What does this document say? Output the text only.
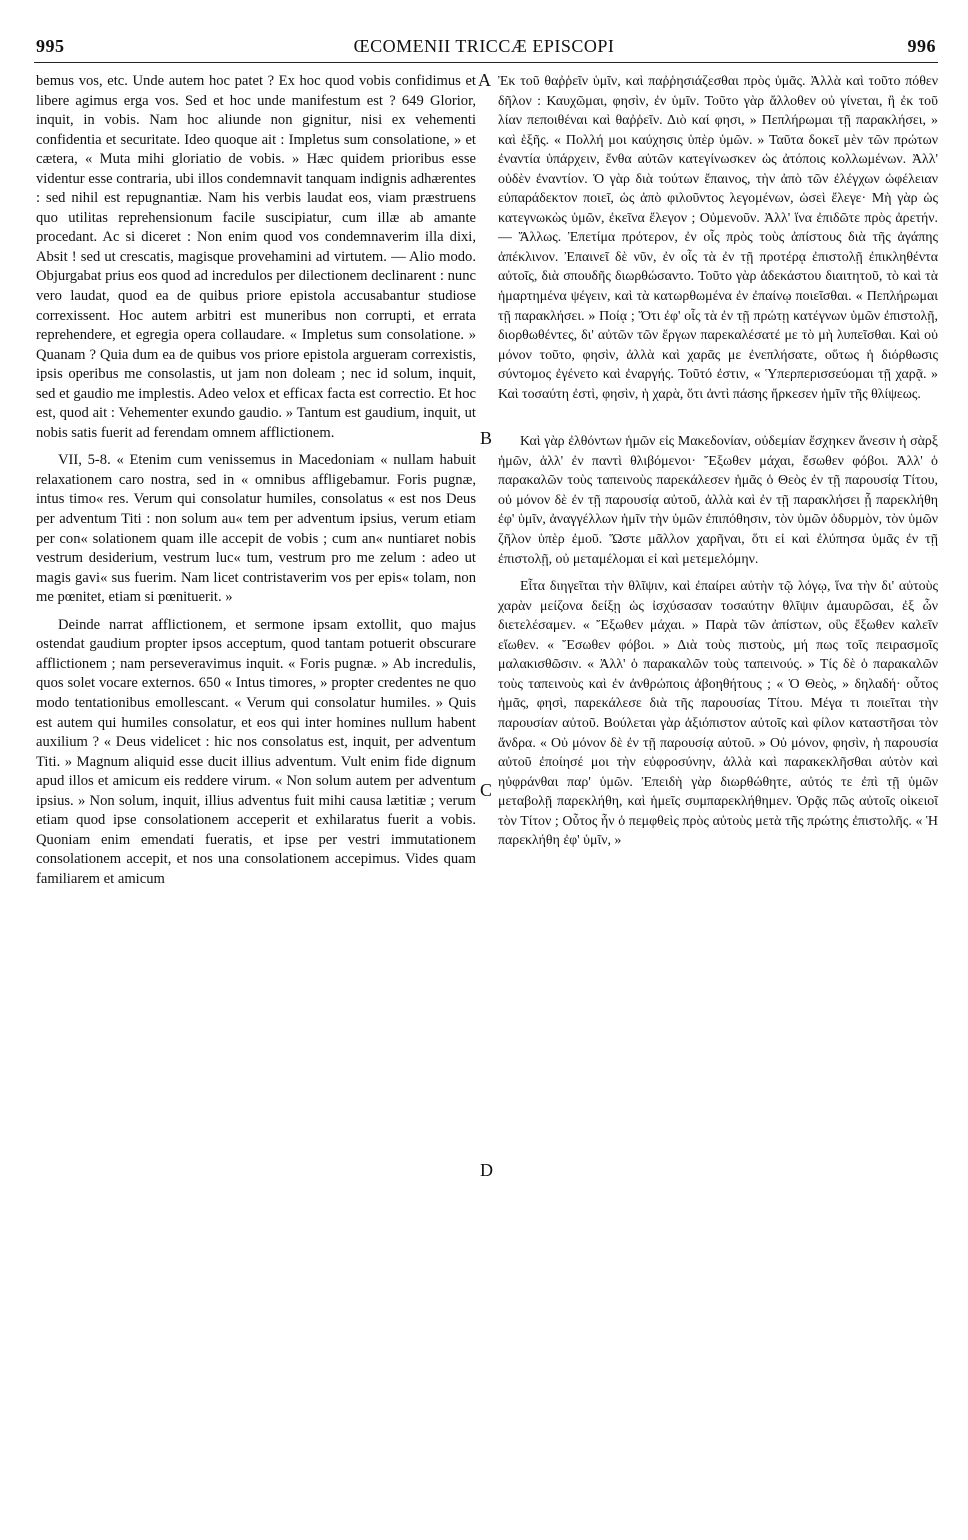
995	ŒCOMENII TRICCÆ EPISCOPI	996

bemus vos, etc. Unde autem hoc patet ? Ex hoc quod vobis confidimus et libere agimus erga vos. Sed et hoc unde manifestum est ? 649 Glorior, inquit, in vobis. Nam hoc aliunde non gignitur, nisi ex vehementi confidentia et securitate. Ideo quoque ait : Impletus sum consolatione, » et cætera, « Muta mihi gloriatio de vobis. » Hæc quidem prioribus esse videntur esse contraria, ubi illos condemnavit tanquam indignis adhærentes : sed nihil est repugnantiæ. Nam his verbis laudat eos, viam præstruens quo utilitas reprehensionum facile suscipiatur, cum illæ ab amante procedant. Ac si diceret : Non enim quod vos condemnaverim illa dixi, Absit ! sed ut crescatis, magisque provehamini ad virtutem. — Alio modo. Objurgabat prius eos quod ad incredulos per dilectionem declinarent : nunc vero laudat, quod ea de quibus priore epistola accusabantur studiose correxissent. Hoc autem arbitri est muneribus non corrupti, et errata reprehendere, et egregia opera collaudare. « Impletus sum consolatione. » Quanam ? Quia dum ea de quibus vos priore epistola argueram correxistis, ipsis operibus me consolastis, ut jam non doleam ; nec id solum, inquit, sed et gaudio me implestis. Adeo velox et efficax facta est correctio. Et hoc est, quod ait : Vehementer exundo gaudio. » Tantum est gaudium, inquit, ut nobis satis fuerit ad ferendam omnem afflictionem.

VII, 5-8. « Etenim cum venissemus in Macedoniam « nullam habuit relaxationem caro nostra, sed in « omnibus affligebamur. Foris pugnæ, intus timo« res. Verum qui consolatur humiles, consolatus « est nos Deus per adventum Titi : non solum au« tem per adventum ipsius, verum etiam per con« solationem quam ille accepit de vobis ; cum an« nuntiaret nobis vestrum desiderium, vestrum luc« tum, vestrum pro me zelum : adeo ut magis gavi« sus fuerim. Nam licet contristaverim vos per epis« tolam, non me pœnitet, etiam si pœnituerit. »

Deinde narrat afflictionem, et sermone ipsam extollit, quo majus ostendat gaudium propter ipsos acceptum, quod tantam potuerit obscurare afflictionem ; nam perseveravimus inquit. « Foris pugnæ. » Ab incredulis, quos solet vocare externos. 650 « Intus timores, » propter credentes ne quo modo tentationibus emollescant. « Verum qui consolatur humiles. » Quis est autem qui humiles consolatur, et eos qui inter homines nullum habent auxilium ? « Deus videlicet : hic nos consolatus est, inquit, per adventum Titi. » Magnum aliquid esse ducit illius adventum. Vult enim fide dignum apud illos et amicum eis reddere virum. « Non solum autem per adventum ipsius. » Non solum, inquit, illius adventus fuit mihi causa lætitiæ ; verum etiam quod ipse consolationem acceperit et exhilaratus fuerit a vobis. Quoniam enim emendati fueratis, et ipse per vestri immutationem consolationem accepit, et nos una consolationem accepimus. Vides quam familiarem et amicum

Ἐκ τοῦ θαῤῥεῖν ὑμῖν, καὶ παῤῥησιάζεσθαι πρὸς ὑμᾶς. Ἀλλὰ καὶ τοῦτο πόθεν δῆλον : Καυχῶμαι, φησὶν, ἐν ὑμῖν. Τοῦτο γὰρ ἄλλοθεν οὐ γίνεται, ἢ ἐκ τοῦ λίαν πεποιθέναι καὶ θαῤῥεῖν. Διὸ καί φησι, » Πεπλήρωμαι τῇ παρακλήσει, » καὶ ἑξῆς. « Πολλή μοι καύχησις ὑπὲρ ὑμῶν. » Ταῦτα δοκεῖ μὲν τῶν πρώτων ἐναντία ὑπάρχειν, ἔνθα αὐτῶν κατεγίνωσκεν ὡς ἀτόποις κολλωμένων. Ἀλλ' οὐδὲν ἐναντίον. Ὁ γὰρ διὰ τούτων ἔπαινος, τὴν ἀπὸ τῶν ἐλέγχων ὠφέλειαν εὐπαράδεκτον ποιεῖ, ὡς ἀπὸ φιλοῦντος λεγομένων, ὡσεὶ ἔλεγε· Μὴ γὰρ ὡς κατεγνωκὼς ὑμῶν, ἐκεῖνα ἔλεγον ; Οὐμενοῦν. Ἀλλ' ἵνα ἐπιδῶτε πρὸς ἀρετήν. — Ἄλλως. Ἐπετίμα πρότερον, ἐν οἷς πρὸς τοὺς ἀπίστους διὰ τῆς ἀγάπης ἀπέκλινον. Ἐπαινεῖ δὲ νῦν, ἐν οἷς τὰ ἐν τῇ προτέρᾳ ἐπιστολῇ ἐπικληθέντα αὐτοῖς, διὰ σπουδῆς διωρθώσαντο. Τοῦτο γὰρ ἀδεκάστου διαιτητοῦ, τὸ καὶ τὰ ἡμαρτημένα ψέγειν, καὶ τὰ κατωρθωμένα ἐν ἐπαίνῳ ποιεῖσθαι. « Πεπλήρωμαι τῇ παρακλήσει. » Ποίᾳ ; Ὅτι ἐφ' οἷς τὰ ἐν τῇ πρώτῃ κατέγνων ὑμῶν ἐπιστολῇ, διορθωθέντες, δι' αὐτῶν τῶν ἔργων παρεκαλέσατέ με τὸ μὴ λυπεῖσθαι. Καὶ οὐ μόνον τοῦτο, φησὶν, ἀλλὰ καὶ χαρᾶς με ἐνεπλήσατε, οὕτως ἡ διόρθωσις σύντομος ἐγένετο καὶ ἐναργής. Τοῦτό ἐστιν, « Ὑπερπερισσεύομαι τῇ χαρᾷ. » Καὶ τοσαύτη ἐστὶ, φησὶν, ἡ χαρὰ, ὅτι ἀντὶ πάσης ἤρκεσεν ἡμῖν τῆς θλίψεως.

Καὶ γὰρ ἐλθόντων ἡμῶν εἰς Μακεδονίαν, οὐδεμίαν ἔσχηκεν ἄνεσιν ἡ σὰρξ ἡμῶν, ἀλλ' ἐν παντὶ θλιβόμενοι· Ἔξωθεν μάχαι, ἔσωθεν φόβοι. Ἀλλ' ὁ παρακαλῶν τοὺς ταπεινοὺς παρεκάλεσεν ἡμᾶς ὁ Θεὸς ἐν τῇ παρουσίᾳ Τίτου, οὐ μόνον δὲ ἐν τῇ παρουσίᾳ αὐτοῦ, ἀλλὰ καὶ ἐν τῇ παρακλήσει ᾗ παρεκλήθη ἐφ' ὑμῖν, ἀναγγέλλων ἡμῖν τὴν ὑμῶν ἐπιπόθησιν, τὸν ὑμῶν ὀδυρμὸν, τὸν ὑμῶν ζῆλον ὑπὲρ ἐμοῦ. Ὥστε μᾶλλον χαρῆναι, ὅτι εἰ καὶ ἐλύπησα ὑμᾶς ἐν τῇ ἐπιστολῇ, οὐ μεταμέλομαι εἰ καὶ μετεμελόμην.

Εἶτα διηγεῖται τὴν θλῖψιν, καὶ ἐπαίρει αὐτὴν τῷ λόγῳ, ἵνα τὴν δι' αὐτοὺς χαρὰν μείζονα δείξῃ ὡς ἰσχύσασαν τοσαύτην θλῖψιν ἀμαυρῶσαι, ἐξ ὧν διετελέσαμεν. « Ἔξωθεν μάχαι. » Παρὰ τῶν ἀπίστων, οὓς ἔξωθεν καλεῖν εἴωθεν. « Ἔσωθεν φόβοι. » Διὰ τοὺς πιστοὺς, μή πως τοῖς πειρασμοῖς μαλακισθῶσιν. « Ἀλλ' ὁ παρακαλῶν τοὺς ταπεινούς. » Τίς δὲ ὁ παρακαλῶν τοὺς ταπεινοὺς καὶ ἐν ἀνθρώποις ἀβοηθήτους ; « Ὁ Θεὸς, » δηλαδή· οὗτος ἡμᾶς, φησὶ, παρεκάλεσε διὰ τῆς παρουσίας Τίτου. Μέγα τι ποιεῖται τὴν παρουσίαν αὐτοῦ. Βούλεται γὰρ ἀξιόπιστον αὐτοῖς καὶ φίλον καταστῆσαι τὸν ἄνδρα. « Οὐ μόνον δὲ ἐν τῇ παρουσίᾳ αὐτοῦ. » Οὐ μόνον, φησὶν, ἡ παρουσία αὐτοῦ ἐποίησέ μοι τὴν εὐφροσύνην, ἀλλὰ καὶ παρακεκλῆσθαι αὐτὸν καὶ ηὐφράνθαι παρ' ὑμῶν. Ἐπειδὴ γὰρ διωρθώθητε, αὐτός τε ἐπὶ τῇ ὑμῶν μεταβολῇ παρεκλήθη, καὶ ἡμεῖς συμπαρεκλήθημεν. Ὁρᾷς πῶς αὐτοῖς οἰκειοῖ τὸν Τίτον ; Οὗτος ἦν ὁ πεμφθεὶς πρὸς αὐτοὺς μετὰ τῆς πρώτης ἐπιστολῆς. « Ἡ παρεκλήθη ἐφ' ὑμῖν, »

A
B
C
D
